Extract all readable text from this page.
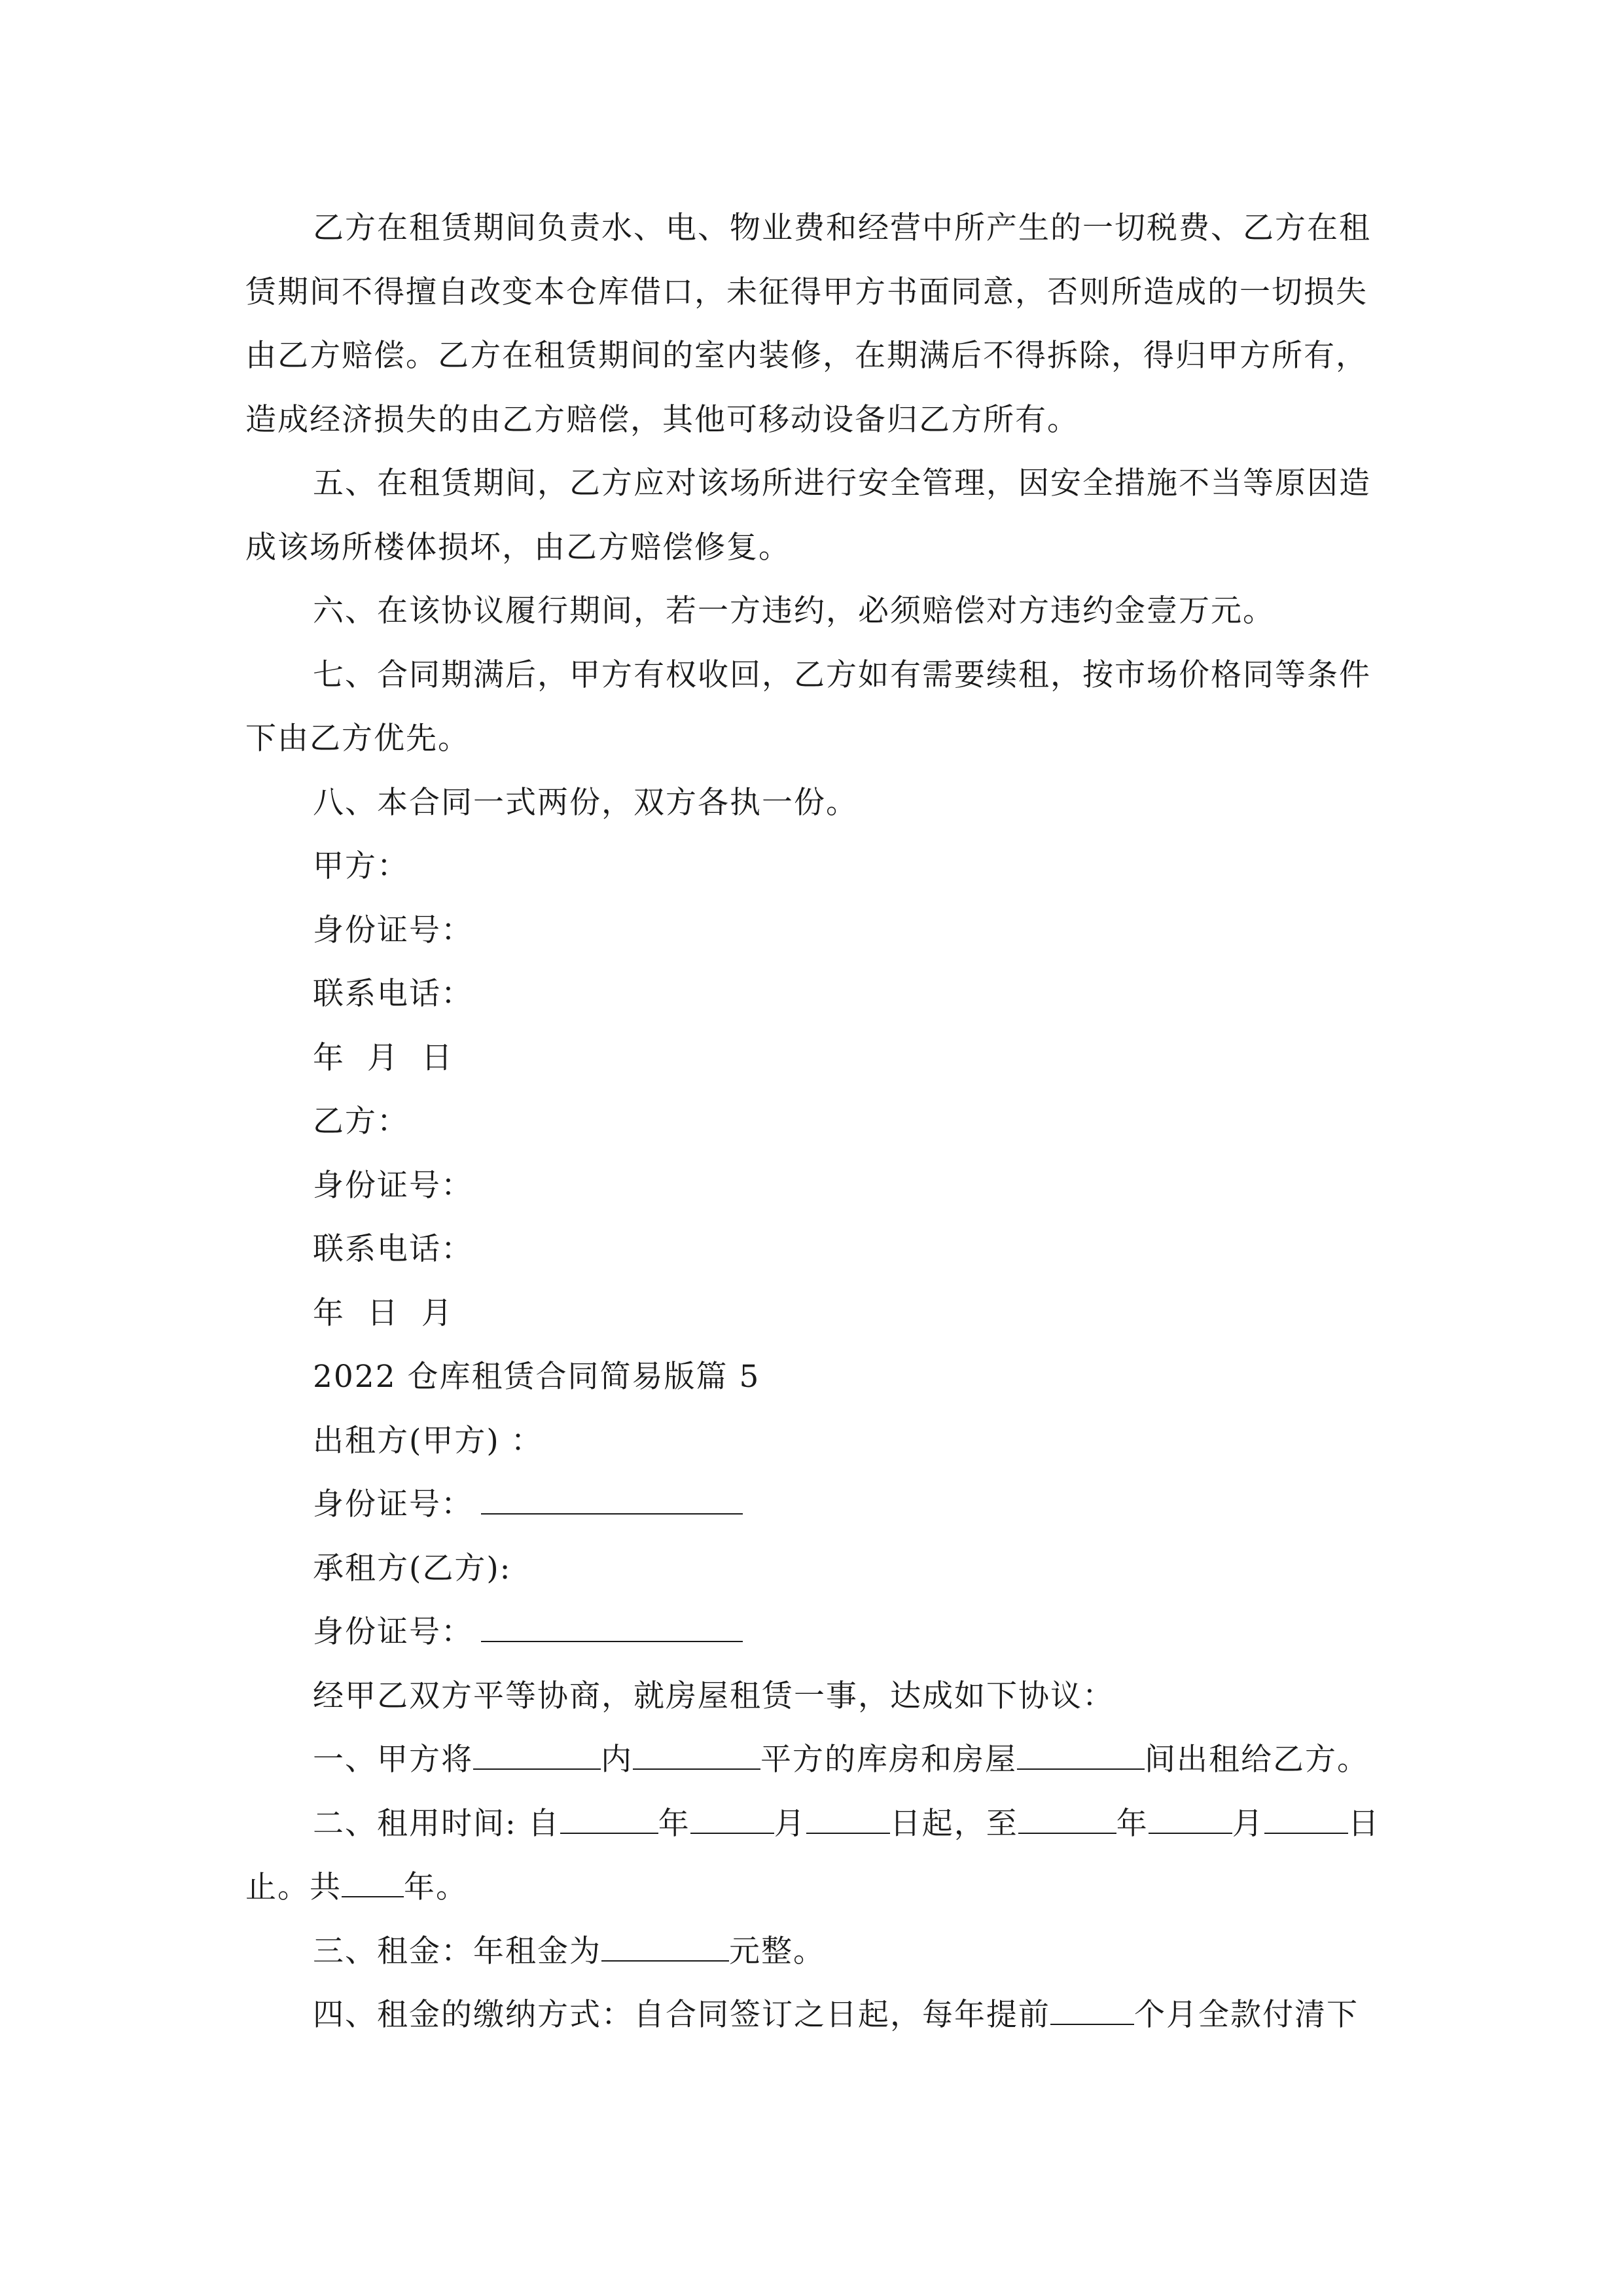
乙方在租赁期间负责水、电、物业费和经营中所产生的一切税费、乙方在租
赁期间不得擅自改变本仓库借口，未征得甲方书面同意，否则所造成的一切损失
由乙方赔偿。乙方在租赁期间的室内装修，在期满后不得拆除，得归甲方所有，
造成经济损失的由乙方赔偿，其他可移动设备归乙方所有。
五、在租赁期间，乙方应对该场所进行安全管理，因安全措施不当等原因造
成该场所楼体损坏，由乙方赔偿修复。
六、在该协议履行期间，若一方违约，必须赔偿对方违约金壹万元。
七、合同期满后，甲方有权收回，乙方如有需要续租，按市场价格同等条件
下由乙方优先。
八、本合同一式两份，双方各执一份。
甲方：
身份证号：
联系电话：
年  月  日
乙方：
身份证号：
联系电话：
年  日  月
2022 仓库租赁合同简易版篇 5
出租方(甲方) ：
身份证号：
承租方(乙方):
身份证号：
经甲乙双方平等协商，就房屋租赁一事，达成如下协议：
一、甲方将	内	平方的库房和房屋	间出租给乙方。
二、租用时间: 自	年	月	日起，至	年	月	日
止。共 年。
三、租金：年租金为	元整。
四、租金的缴纳方式：自合同签订之日起，每年提前	个月全款付清下
